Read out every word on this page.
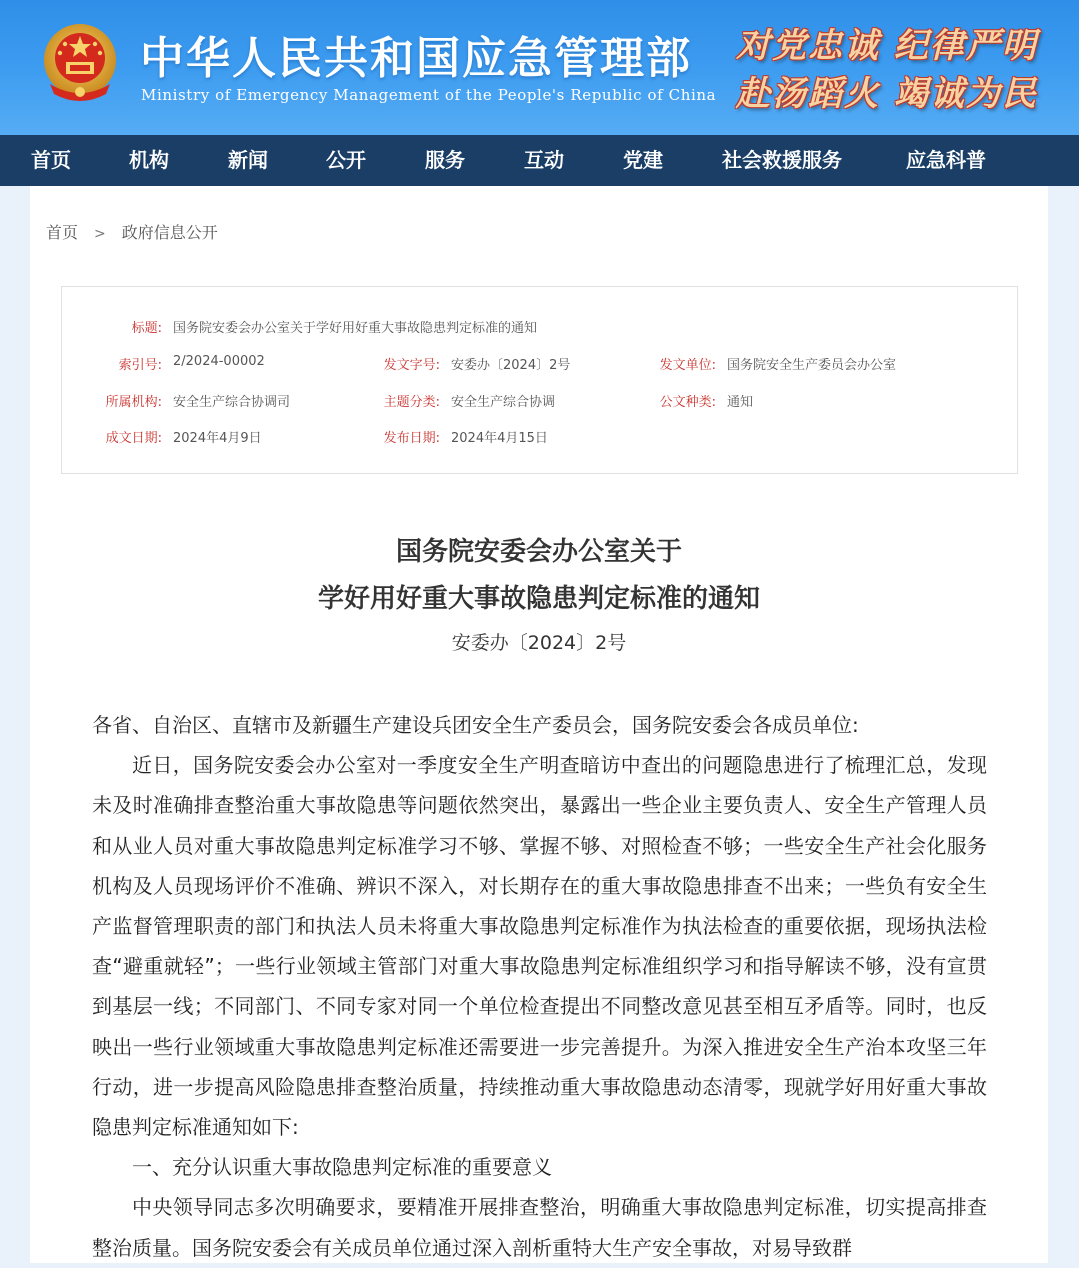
中华人民共和国应急管理部
Ministry of Emergency Management of the People's Republic of China
对党忠诚 纪律严明
赴汤蹈火 竭诚为民
首页	机构	新闻	公开	服务	互动	党建	社会救援服务	应急科普
首页 > 政府信息公开
标题: 国务院安委会办公室关于学好用好重大事故隐患判定标准的通知
索引号: 2/2024-00002	发文字号: 安委办〔2024〕2号	发文单位: 国务院安全生产委员会办公室
所属机构: 安全生产综合协调司	主题分类: 安全生产综合协调	公文种类: 通知
成文日期: 2024年4月9日	发布日期: 2024年4月15日
国务院安委会办公室关于
学好用好重大事故隐患判定标准的通知
安委办〔2024〕2号

各省、自治区、直辖市及新疆生产建设兵团安全生产委员会，国务院安委会各成员单位:

近日，国务院安委会办公室对一季度安全生产明查暗访中查出的问题隐患进行了梳理汇总，发现未及时准确排查整治重大事故隐患等问题依然突出，暴露出一些企业主要负责人、安全生产管理人员和从业人员对重大事故隐患判定标准学习不够、掌握不够、对照检查不够；一些安全生产社会化服务机构及人员现场评价不准确、辨识不深入，对长期存在的重大事故隐患排查不出来；一些负有安全生产监督管理职责的部门和执法人员未将重大事故隐患判定标准作为执法检查的重要依据，现场执法检查“避重就轻”；一些行业领域主管部门对重大事故隐患判定标准组织学习和指导解读不够，没有宣贯到基层一线；不同部门、不同专家对同一个单位检查提出不同整改意见甚至相互矛盾等。同时，也反映出一些行业领域重大事故隐患判定标准还需要进一步完善提升。为深入推进安全生产治本攻坚三年行动，进一步提高风险隐患排查整治质量，持续推动重大事故隐患动态清零，现就学好用好重大事故隐患判定标准通知如下:

一、充分认识重大事故隐患判定标准的重要意义

中央领导同志多次明确要求，要精准开展排查整治，明确重大事故隐患判定标准，切实提高排查整治质量。国务院安委会有关成员单位通过深入剖析重特大生产安全事故，对易导致群
